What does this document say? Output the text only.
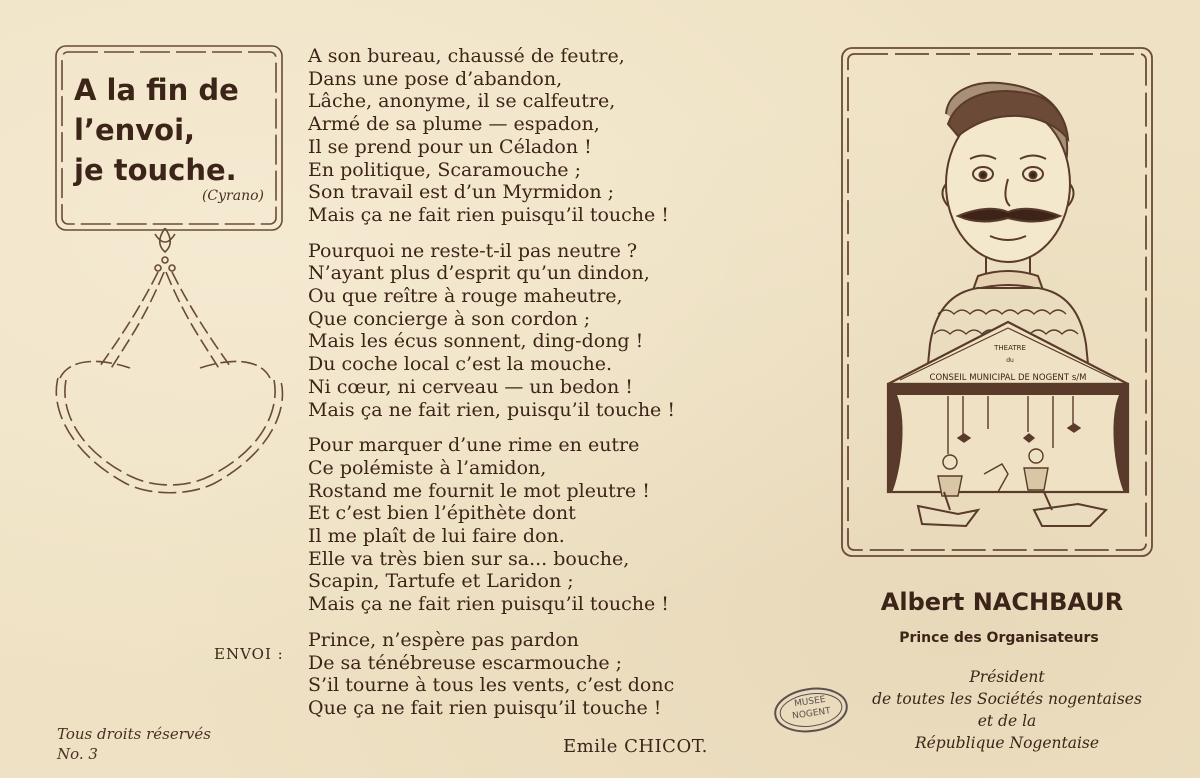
A la fin de
l’envoi,
je touche.
(Cyrano)
A son bureau, chaussé de feutre,
Dans une pose d’abandon,
Lâche, anonyme, il se calfeutre,
Armé de sa plume — espadon,
Il se prend pour un Céladon !
En politique, Scaramouche ;
Son travail est d’un Myrmidon ;
Mais ça ne fait rien puisqu’il touche !
Pourquoi ne reste-t-il pas neutre ?
N’ayant plus d’esprit qu’un dindon,
Ou que reître à rouge maheutre,
Que concierge à son cordon ;
Mais les écus sonnent, ding-dong !
Du coche local c’est la mouche.
Ni cœur, ni cerveau — un bedon !
Mais ça ne fait rien, puisqu’il touche !
Pour marquer d’une rime en eutre
Ce polémiste à l’amidon,
Rostand me fournit le mot pleutre !
Et c’est bien l’épithète dont
Il me plaît de lui faire don.
Elle va très bien sur sa... bouche,
Scapin, Tartufe et Laridon ;
Mais ça ne fait rien puisqu’il touche !
Prince, n’espère pas pardon
De sa ténébreuse escarmouche ;
S’il tourne à tous les vents, c’est donc
Que ça ne fait rien puisqu’il touche !
ENVOI :
Emile CHICOT.
Tous droits réservés
No. 3
THEATRE
du
CONSEIL MUNICIPAL DE NOGENT s/M
Albert NACHBAUR
Prince des Organisateurs
Président
de toutes les Sociétés nogentaises
et de la
République Nogentaise
MUSEE
NOGENT
